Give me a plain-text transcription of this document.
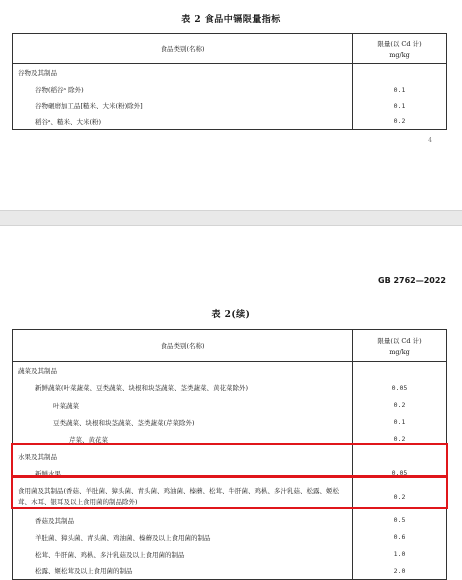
表 2 食品中镉限量指标
食品类别(名称)	限量(以 Cd 计)
mg/kg

谷物及其制品	
谷物(稻谷ᵃ 除外)	0.1
谷物碾磨加工品[糙米、大米(粉)除外]	0.1
稻谷ᵃ、糙米、大米(粉)	0.2
4
GB 2762—2022
表 2(续)
食品类别(名称)	限量(以 Cd 计)
mg/kg

蔬菜及其制品	
新鲜蔬菜(叶菜蔬菜、豆类蔬菜、块根和块茎蔬菜、茎类蔬菜、黄花菜除外)	0.05
叶菜蔬菜	0.2
豆类蔬菜、块根和块茎蔬菜、茎类蔬菜(芹菜除外)	0.1
芹菜、黄花菜	0.2
水果及其制品	
新鲜水果	0.05
食用菌及其制品(香菇、羊肚菌、獐头菌、青头菌、鸡油菌、榛蘑、松茸、牛肝菌、鸡枞、多汁乳菇、松露、姬松茸、木耳、银耳及以上食用菌的制品除外)	0.2
香菇及其制品	0.5
羊肚菌、獐头菌、青头菌、鸡油菌、榛蘑及以上食用菌的制品	0.6
松茸、牛肝菌、鸡枞、多汁乳菇及以上食用菌的制品	1.0
松露、姬松茸及以上食用菌的制品	2.0
